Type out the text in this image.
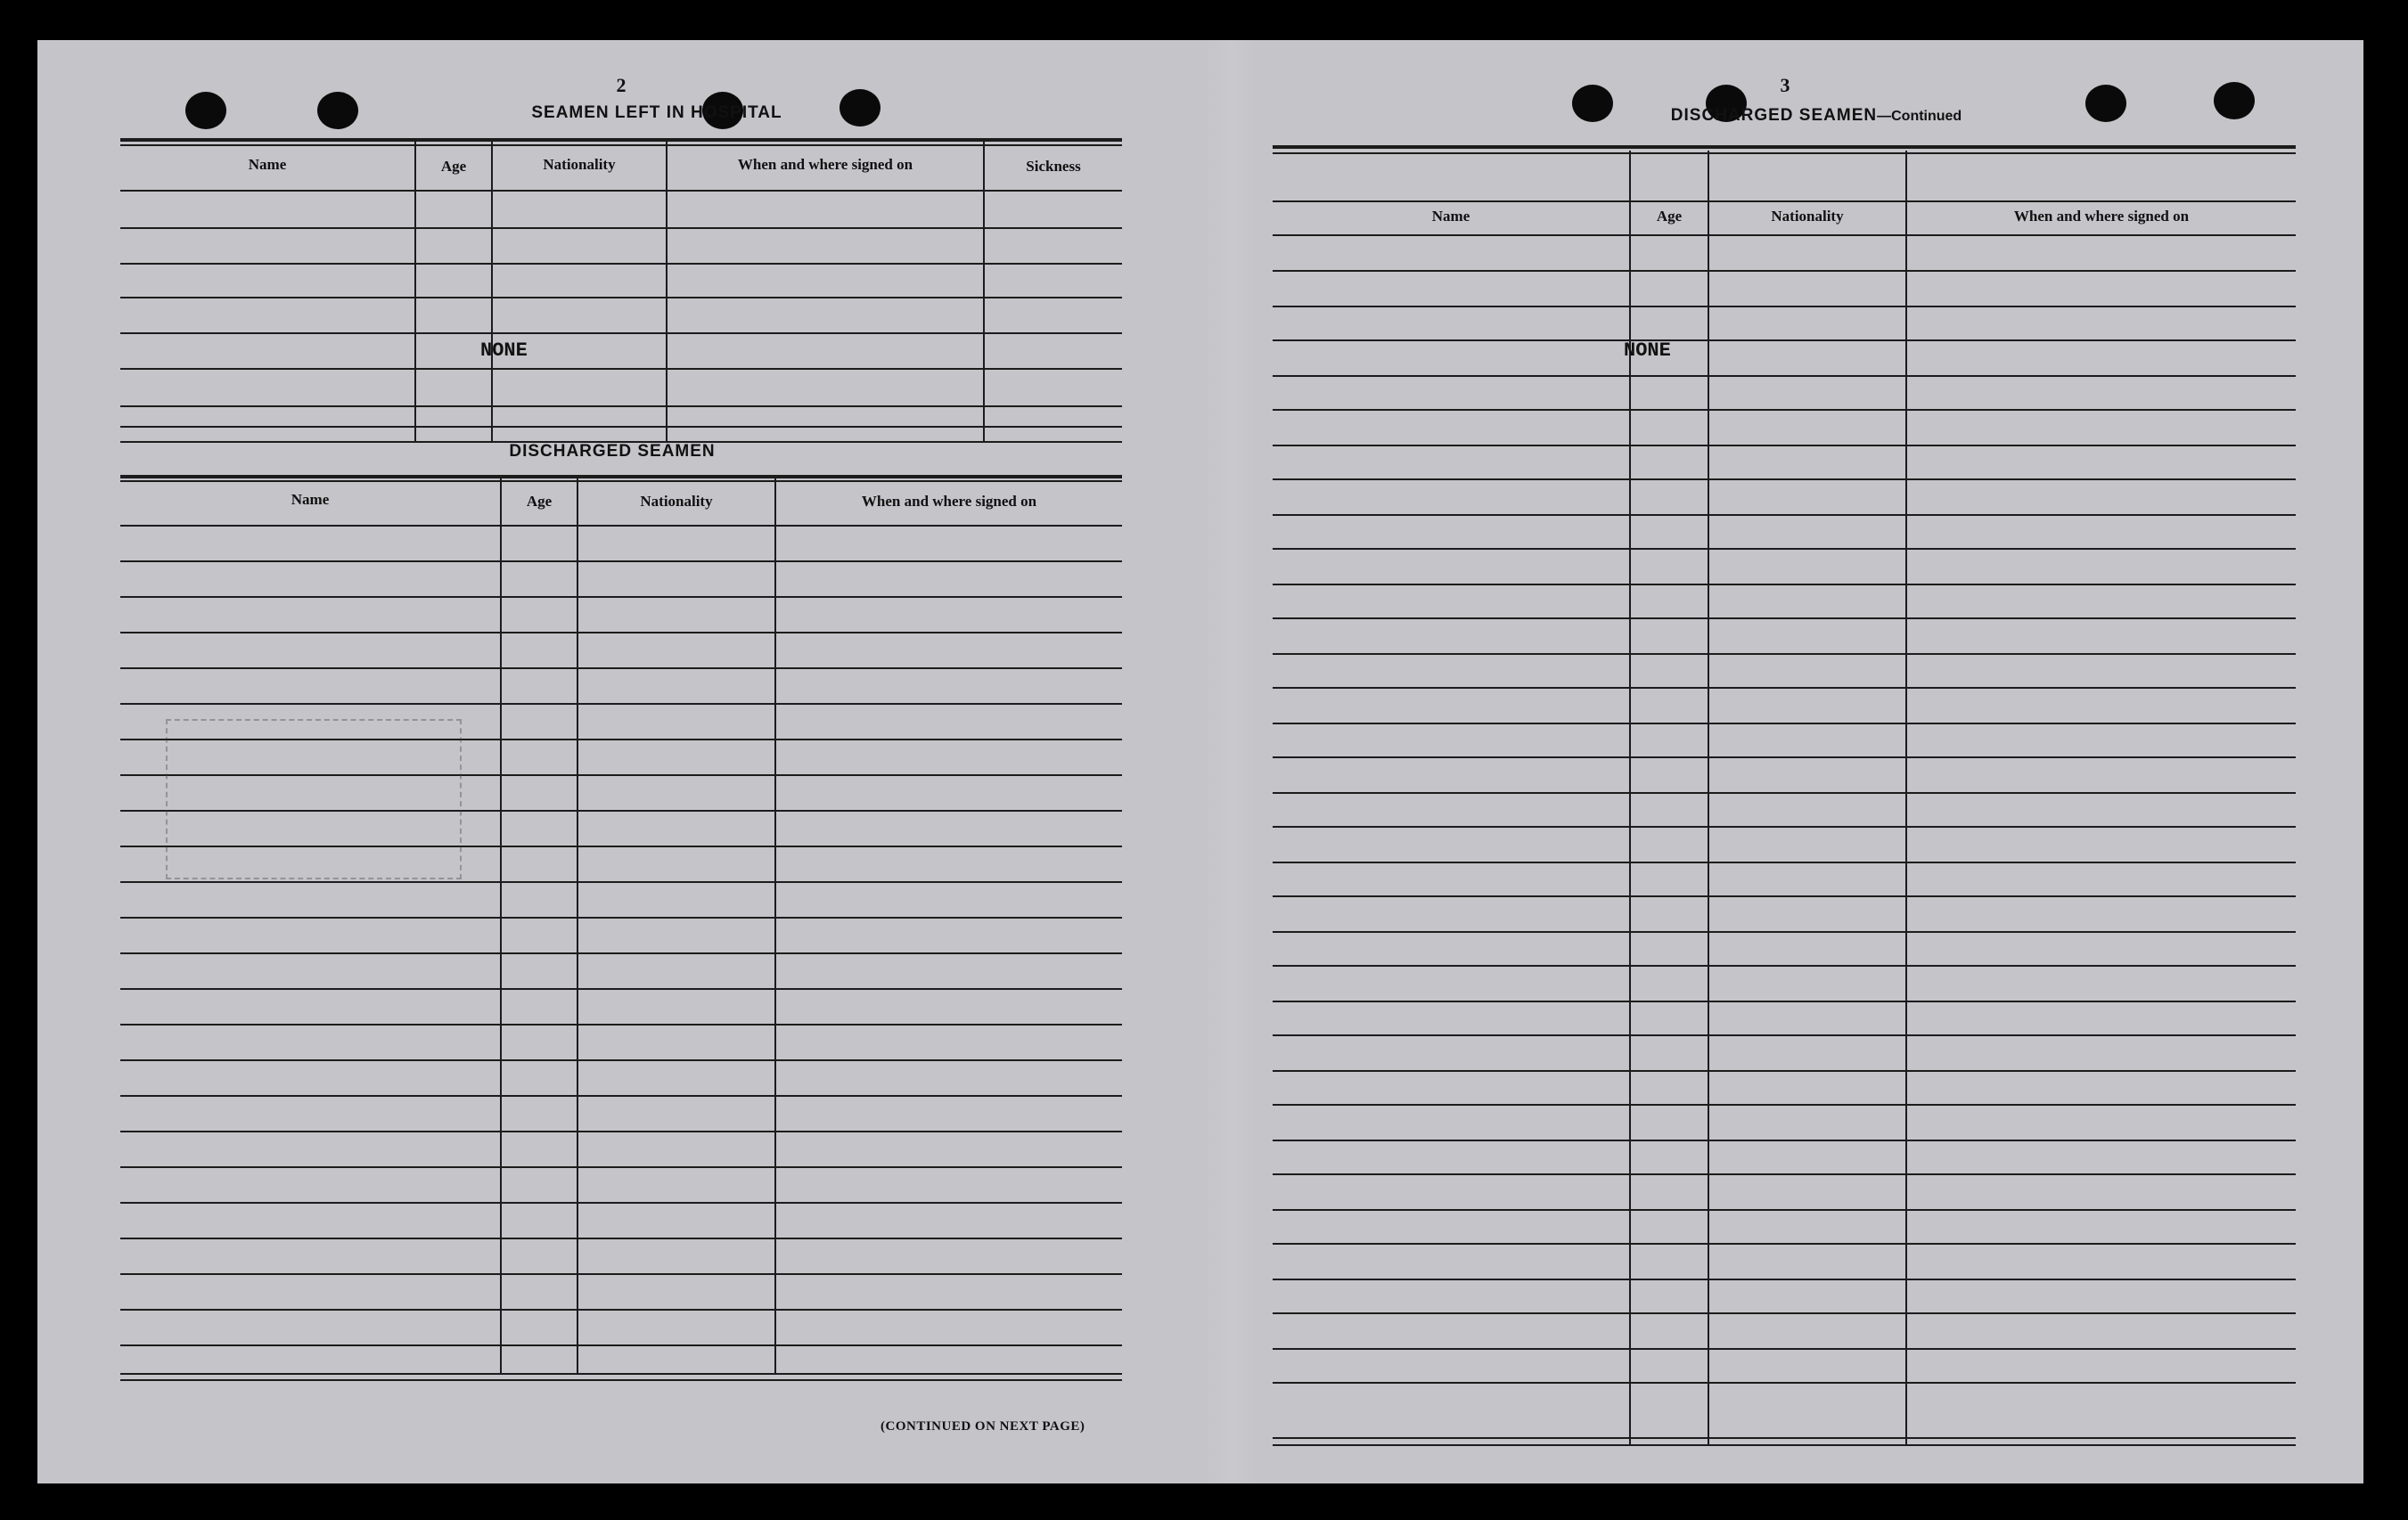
2
SEAMEN LEFT IN HOSPITAL
Name	Age	Nationality	When and where signed on	Sickness
NONE
DISCHARGED SEAMEN
Name	Age	Nationality	When and where signed on
(CONTINUED ON NEXT PAGE)
3
DISCHARGED SEAMEN—Continued
Name	Age	Nationality	When and where signed on
NONE
